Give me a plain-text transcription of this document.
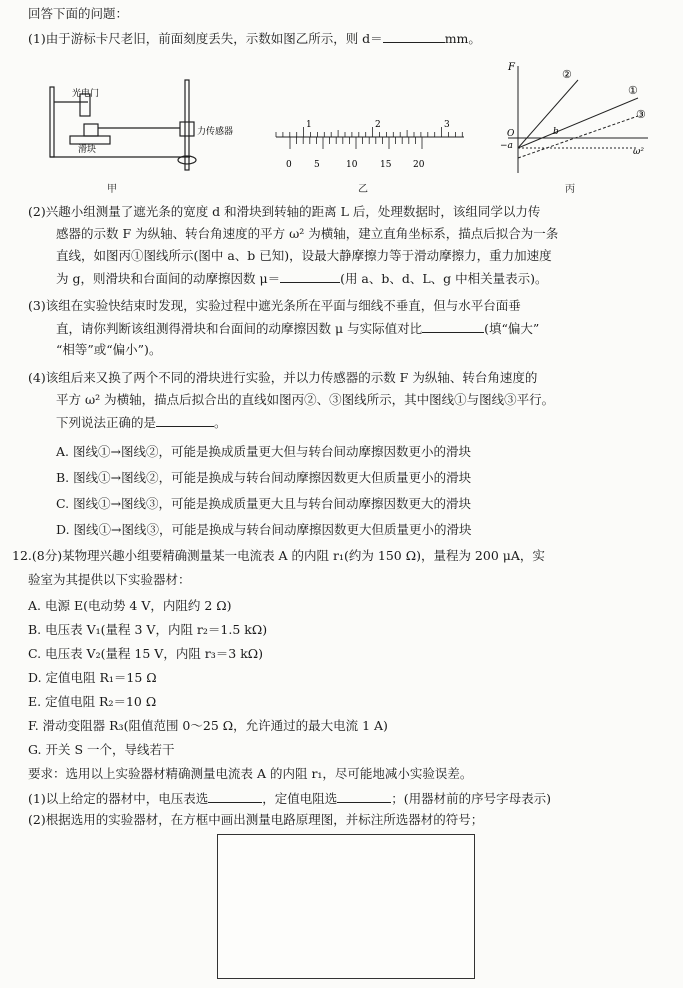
回答下面的问题：
(1)由于游标卡尺老旧，前面刻度丢失，示数如图乙所示，则 d＝	mm。
光电门
力传感器
滑块
甲
1	2	3
0 5	10	15 20
乙
F
ω²
O
−a
b
①
②
③
丙
(2)兴趣小组测量了遮光条的宽度 d 和滑块到转轴的距离 L 后，处理数据时，该组同学以力传
感器的示数 F 为纵轴、转台角速度的平方 ω² 为横轴，建立直角坐标系，描点后拟合为一条
直线，如图丙①图线所示(图中 a、b 已知)，设最大静摩擦力等于滑动摩擦力，重力加速度
为 g，则滑块和台面间的动摩擦因数 μ＝	(用 a、b、d、L、g 中相关量表示)。
(3)该组在实验快结束时发现，实验过程中遮光条所在平面与细线不垂直，但与水平台面垂
直，请你判断该组测得滑块和台面间的动摩擦因数 μ 与实际值对比	(填“偏大”
“相等”或“偏小”)。
(4)该组后来又换了两个不同的滑块进行实验，并以力传感器的示数 F 为纵轴、转台角速度的
平方 ω² 为横轴，描点后拟合出的直线如图丙②、③图线所示，其中图线①与图线③平行。
下列说法正确的是	。
A. 图线①→图线②，可能是换成质量更大但与转台间动摩擦因数更小的滑块
B. 图线①→图线②，可能是换成与转台间动摩擦因数更大但质量更小的滑块
C. 图线①→图线③，可能是换成质量更大且与转台间动摩擦因数更大的滑块
D. 图线①→图线③，可能是换成与转台间动摩擦因数更大但质量更小的滑块
12.(8分)某物理兴趣小组要精确测量某一电流表 A 的内阻 r₁(约为 150 Ω)，量程为 200 μA，实
验室为其提供以下实验器材：
A. 电源 E(电动势 4 V，内阻约 2 Ω)
B. 电压表 V₁(量程 3 V，内阻 r₂＝1.5 kΩ)
C. 电压表 V₂(量程 15 V，内阻 r₃＝3 kΩ)
D. 定值电阻 R₁＝15 Ω
E. 定值电阻 R₂＝10 Ω
F. 滑动变阻器 R₃(阻值范围 0～25 Ω，允许通过的最大电流 1 A)
G. 开关 S 一个，导线若干
要求：选用以上实验器材精确测量电流表 A 的内阻 r₁，尽可能地减小实验误差。
(1)以上给定的器材中，电压表选	，定值电阻选	；(用器材前的序号字母表示)
(2)根据选用的实验器材，在方框中画出测量电路原理图，并标注所选器材的符号；
